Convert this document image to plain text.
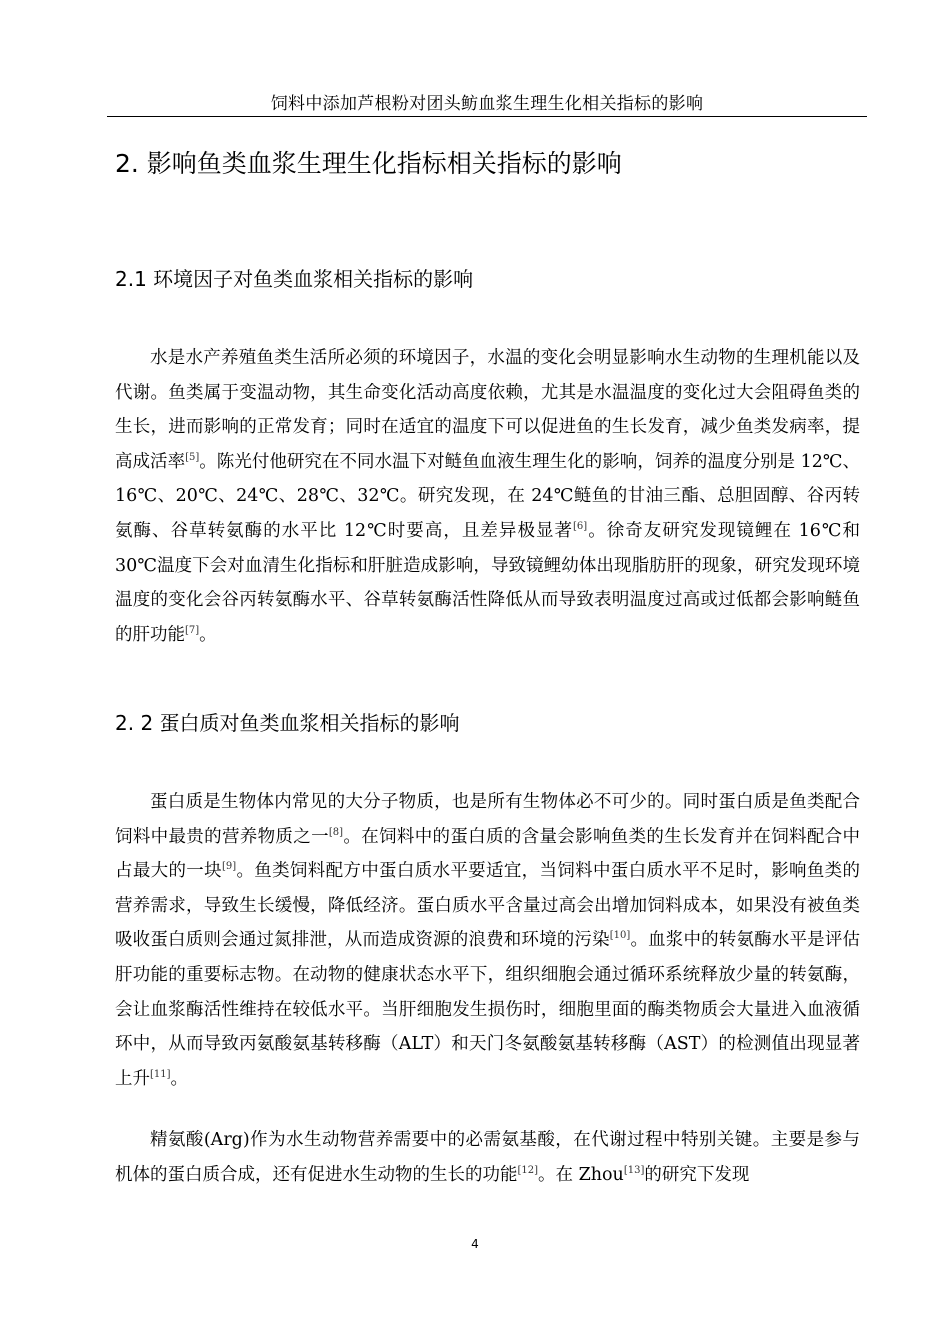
饲料中添加芦根粉对团头鲂血浆生理生化相关指标的影响
2. 影响鱼类血浆生理生化指标相关指标的影响
2.1 环境因子对鱼类血浆相关指标的影响
水是水产养殖鱼类生活所必须的环境因子，水温的变化会明显影响水生动物的生理机能以及代谢。鱼类属于变温动物，其生命变化活动高度依赖，尤其是水温温度的变化过大会阻碍鱼类的生长，进而影响的正常发育；同时在适宜的温度下可以促进鱼的生长发育，减少鱼类发病率，提高成活率[5]。陈光付他研究在不同水温下对鲢鱼血液生理生化的影响，饲养的温度分别是 12℃、16℃、20℃、24℃、28℃、32℃。研究发现，在 24℃鲢鱼的甘油三酯、总胆固醇、谷丙转氨酶、谷草转氨酶的水平比 12℃时要高，且差异极显著[6]。徐奇友研究发现镜鲤在 16℃和 30℃温度下会对血清生化指标和肝脏造成影响，导致镜鲤幼体出现脂肪肝的现象，研究发现环境温度的变化会谷丙转氨酶水平、谷草转氨酶活性降低从而导致表明温度过高或过低都会影响鲢鱼的肝功能[7]。
2. 2 蛋白质对鱼类血浆相关指标的影响
蛋白质是生物体内常见的大分子物质，也是所有生物体必不可少的。同时蛋白质是鱼类配合饲料中最贵的营养物质之一[8]。在饲料中的蛋白质的含量会影响鱼类的生长发育并在饲料配合中占最大的一块[9]。鱼类饲料配方中蛋白质水平要适宜，当饲料中蛋白质水平不足时，影响鱼类的营养需求，导致生长缓慢，降低经济。蛋白质水平含量过高会出增加饲料成本，如果没有被鱼类吸收蛋白质则会通过氮排泄，从而造成资源的浪费和环境的污染[10]。血浆中的转氨酶水平是评估肝功能的重要标志物。在动物的健康状态水平下，组织细胞会通过循环系统释放少量的转氨酶，会让血浆酶活性维持在较低水平。当肝细胞发生损伤时，细胞里面的酶类物质会大量进入血液循环中，从而导致丙氨酸氨基转移酶（ALT）和天门冬氨酸氨基转移酶（AST）的检测值出现显著上升[11]。
精氨酸(Arg)作为水生动物营养需要中的必需氨基酸，在代谢过程中特别关键。主要是参与机体的蛋白质合成，还有促进水生动物的生长的功能[12]。在 Zhou[13]的研究下发现
4
